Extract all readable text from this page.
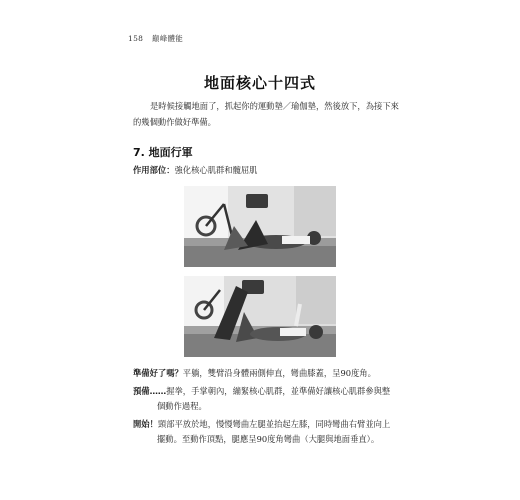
158 巔峰體能
地面核心十四式
是時候接觸地面了，抓起你的運動墊／瑜伽墊，然後放下，為接下來的幾個動作做好準備。
7. 地面行軍
作用部位：強化核心肌群和髖屈肌

準備好了嗎？平躺，雙臂沿身體兩側伸直，彎曲膝蓋，呈90度角。

預備……握拳，手掌朝內，繃緊核心肌群，並準備好讓核心肌群參與整個動作過程。

開始！頸部平放於地，慢慢彎曲左腿並抬起左膝，同時彎曲右臂並向上擺動。至動作頂點，腿應呈90度角彎曲（大腿與地面垂直）。
